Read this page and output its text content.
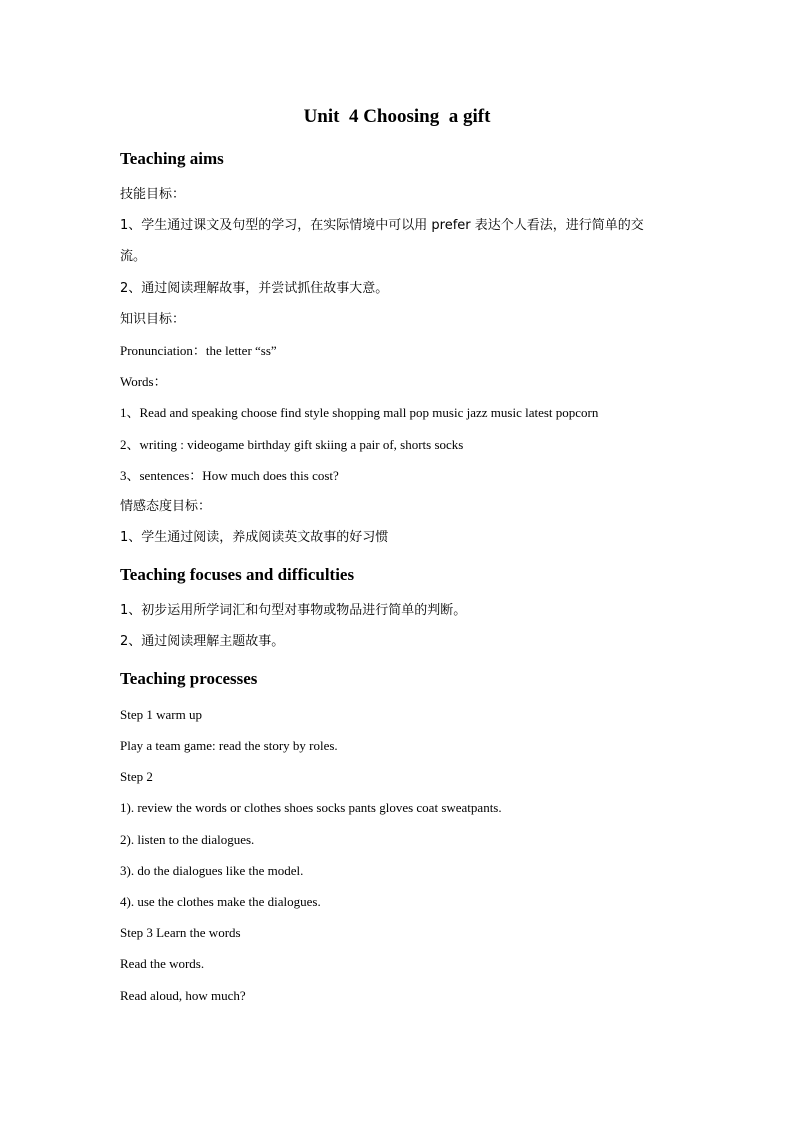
Unit  4 Choosing  a gift
Teaching aims
技能目标：
1、学生通过课文及句型的学习，在实际情境中可以用 prefer 表达个人看法，进行简单的交
流。
2、通过阅读理解故事，并尝试抓住故事大意。
知识目标：
Pronunciation：the letter “ss”
Words：
1、Read and speaking choose find style shopping mall pop music jazz music latest popcorn
2、writing : videogame birthday gift skiing a pair of, shorts socks
3、sentences：How much does this cost?
情感态度目标：
1、学生通过阅读，养成阅读英文故事的好习惯
Teaching focuses and difficulties
1、初步运用所学词汇和句型对事物或物品进行简单的判断。
2、通过阅读理解主题故事。
Teaching processes
Step 1 warm up
Play a team game: read the story by roles.
Step 2
1). review the words or clothes shoes socks pants gloves coat sweatpants.
2). listen to the dialogues.
3). do the dialogues like the model.
4). use the clothes make the dialogues.
Step 3 Learn the words
Read the words.
Read aloud, how much?
